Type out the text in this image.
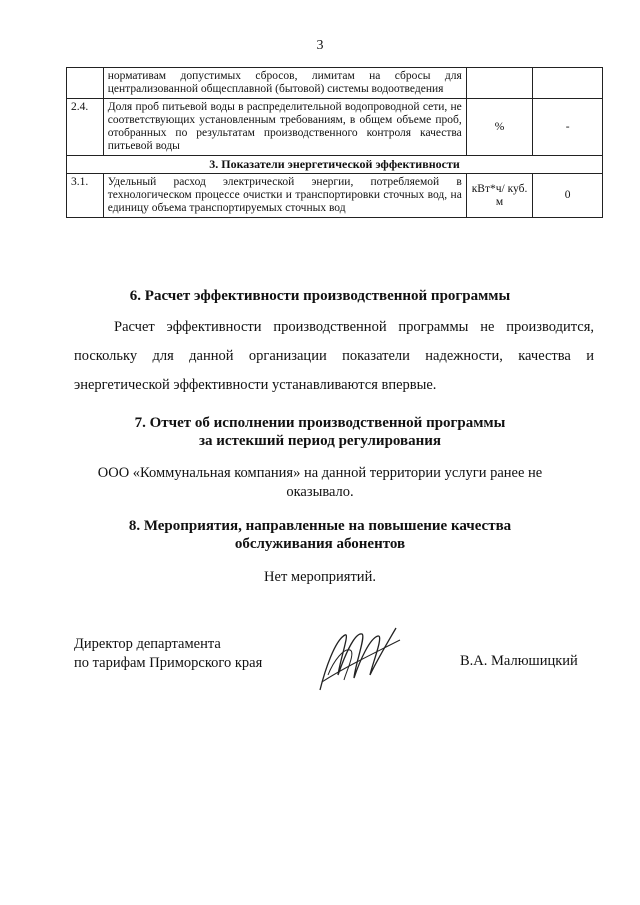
3
	нормативам допустимых сбросов, лимитам на сбросы для централизованной общесплавной (бытовой) системы водоотведения		
2.4.	Доля проб питьевой воды в распределительной водопроводной сети, не соответствующих установленным требованиям, в общем объеме проб, отобранных по результатам производственного контроля качества питьевой воды	%	-
3. Показатели энергетической эффективности			
3.1.	Удельный расход электрической энергии, потребляемой в технологическом процессе очистки и транспортировки сточных вод, на единицу объема транспортируемых сточных вод	кВт*ч/ куб. м	0
6. Расчет эффективности производственной программы
Расчет эффективности производственной программы не производится, поскольку для данной организации показатели надежности, качества и энергетической эффективности устанавливаются впервые.
7. Отчет об исполнении производственной программы
за истекший период регулирования
ООО «Коммунальная компания» на данной территории услуги ранее не оказывало.
8. Мероприятия, направленные на повышение качества
обслуживания абонентов
Нет мероприятий.
Директор департамента
по тарифам Приморского края	В.А. Малюшицкий
